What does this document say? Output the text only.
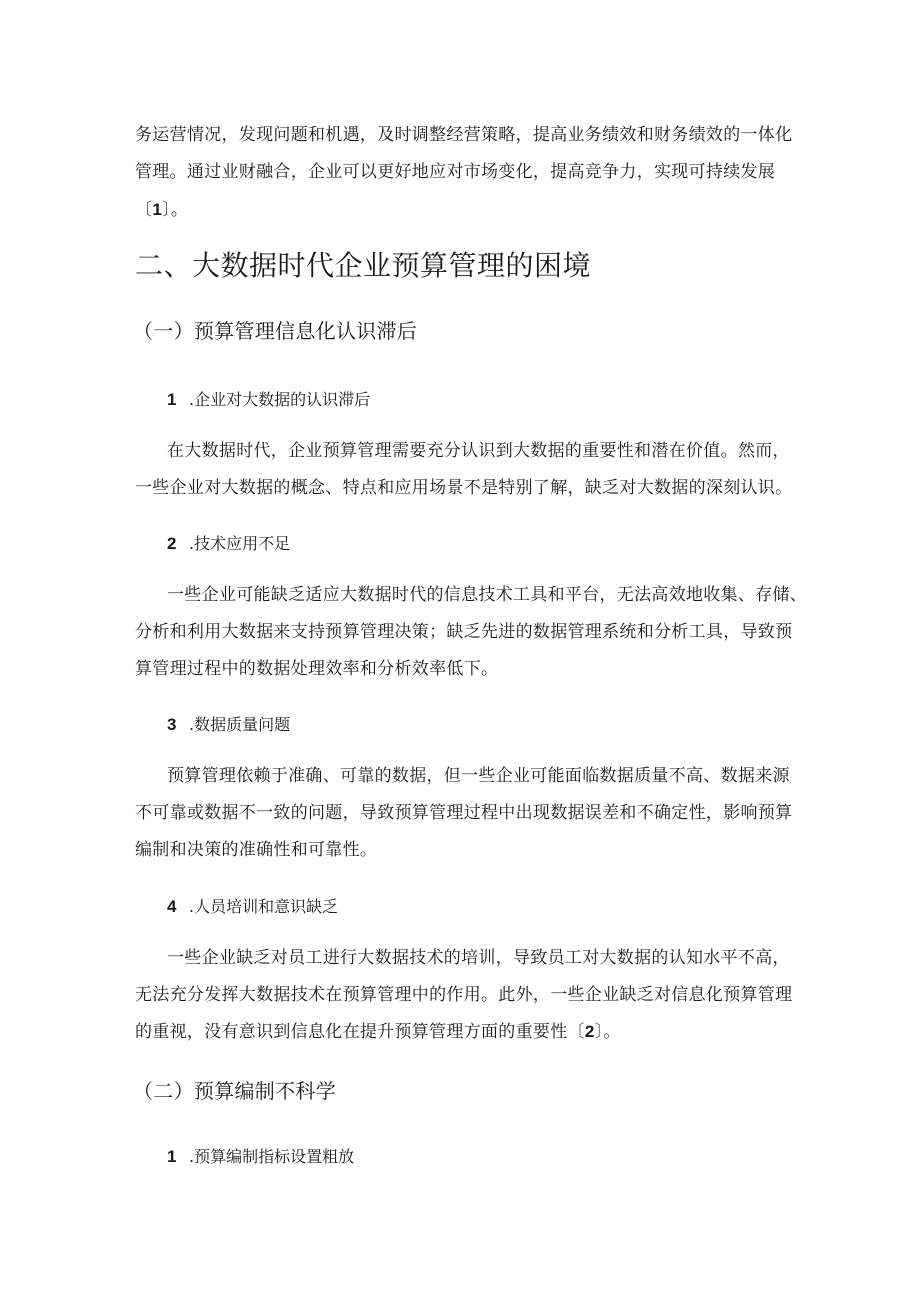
务运营情况，发现问题和机遇，及时调整经营策略，提高业务绩效和财务绩效的一体化
管理。通过业财融合，企业可以更好地应对市场变化，提高竞争力，实现可持续发展
〔1〕。
二、大数据时代企业预算管理的困境
（一）预算管理信息化认识滞后
1 .企业对大数据的认识滞后
在大数据时代，企业预算管理需要充分认识到大数据的重要性和潜在价值。然而，
一些企业对大数据的概念、特点和应用场景不是特别了解，缺乏对大数据的深刻认识。
2 .技术应用不足
一些企业可能缺乏适应大数据时代的信息技术工具和平台，无法高效地收集、存储、
分析和利用大数据来支持预算管理决策；缺乏先进的数据管理系统和分析工具，导致预
算管理过程中的数据处理效率和分析效率低下。
3 .数据质量问题
预算管理依赖于准确、可靠的数据，但一些企业可能面临数据质量不高、数据来源
不可靠或数据不一致的问题，导致预算管理过程中出现数据误差和不确定性，影响预算
编制和决策的准确性和可靠性。
4 .人员培训和意识缺乏
一些企业缺乏对员工进行大数据技术的培训，导致员工对大数据的认知水平不高，
无法充分发挥大数据技术在预算管理中的作用。此外，一些企业缺乏对信息化预算管理
的重视，没有意识到信息化在提升预算管理方面的重要性〔2〕。
（二）预算编制不科学
1 .预算编制指标设置粗放
